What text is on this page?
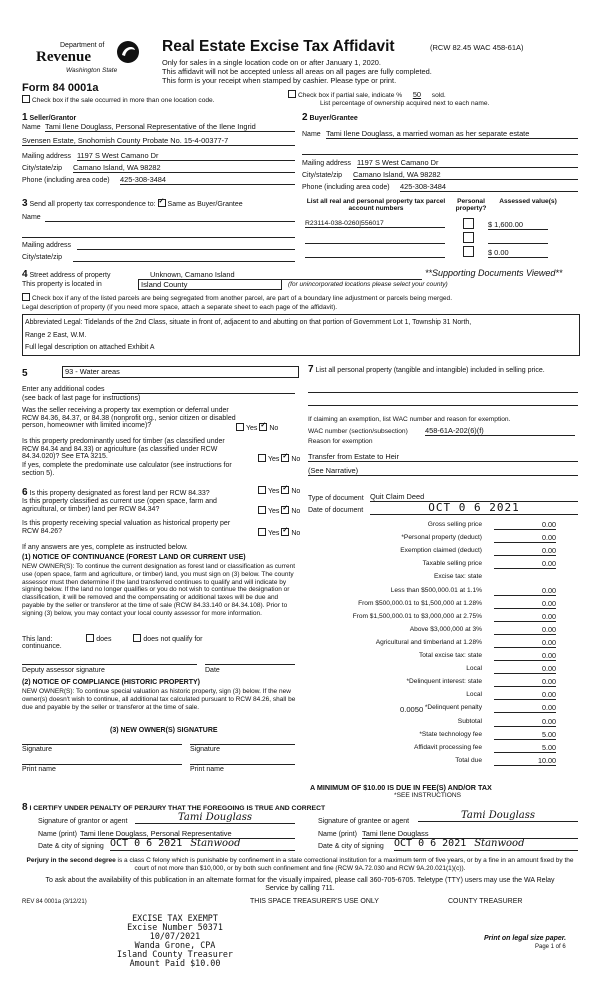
Department of
Revenue
Washington State
Form 84 0001a
Real Estate Excise Tax Affidavit	(RCW 82.45 WAC 458-61A)
Only for sales in a single location code on or after January 1, 2020.
This affidavit will not be accepted unless all areas on all pages are fully completed.
This form is your receipt when stamped by cashier. Please type or print.
Check box if the sale occurred in more than one location code.
Check box if partial sale, indicate % 50 sold.
List percentage of ownership acquired next to each name.
1 Seller/Grantor
Name Tami Ilene Douglass, Personal Representative of the Ilene Ingrid
Svensen Estate, Snohomish County Probate No. 15-4-00377-7
Mailing address 1197 S West Camano Dr
City/state/zip Camano Island, WA 98282
Phone (including area code) 425-308-3484
2 Buyer/Grantee
Name Tami Ilene Douglass, a married woman as her separate estate
Mailing address 1197 S West Camano Dr
City/state/zip Camano Island, WA 98282
Phone (including area code) 425-308-3484
3 Send all property tax correspondence to: ✓ Same as Buyer/Grantee
Name
Mailing address
City/state/zip
List all real and personal property tax parcel account numbers
Personal property?
Assessed value(s)
R23114-038-0260|556017	$ 1,600.00
$ 0.00
4 Street address of property	Unknown, Camano Island	**Supporting Documents Viewed**
This property is located in	Island County	(for unincorporated locations please select your county)
Check box if any of the listed parcels are being segregated from another parcel, are part of a boundary line adjustment or parcels being merged.
Legal description of property (if you need more space, attach a separate sheet to each page of the affidavit).
Abbreviated Legal: Tidelands of the 2nd Class, situate in front of, adjacent to and abutting on that portion of Government Lot 1, Township 31 North,
Range 2 East, W.M.
Full legal description on attached Exhibit A
5	93 - Water areas
Enter any additional codes
(see back of last page for instructions)
Was the seller receiving a property tax exemption or deferral under RCW 84.36, 84.37, or 84.38 (nonprofit org., senior citizen or disabled person, homeowner with limited income)?	Yes ✓ No
Is this property predominantly used for timber (as classified under RCW 84.34 and 84.33) or agriculture (as classified under RCW 84.34.020)? See ETA 3215.	Yes ✓ No
If yes, complete the predominate use calculator (see instructions for section 5).
6 Is this property designated as forest land per RCW 84.33?	Yes ✓ No
Is this property classified as current use (open space, farm and agricultural, or timber) land per RCW 84.34?	Yes ✓ No
Is this property receiving special valuation as historical property per RCW 84.26?	Yes ✓ No
If any answers are yes, complete as instructed below.
(1) NOTICE OF CONTINUANCE (FOREST LAND OR CURRENT USE)
NEW OWNER(S): To continue the current designation as forest land or classification as current use (open space, farm and agriculture, or timber) land, you must sign on (3) below. The county assessor must then determine if the land transferred continues to qualify and will indicate by signing below. If the land no longer qualifies or you do not wish to continue the designation or classification, it will be removed and the compensating or additional taxes will be due and payable by the seller or transferor at the time of sale (RCW 84.33.140 or 84.34.108). Prior to signing (3) below, you may contact your local county assessor for more information.
This land:	does	does not qualify for
continuance.
Deputy assessor signature	Date
(2) NOTICE OF COMPLIANCE (HISTORIC PROPERTY)
NEW OWNER(S): To continue special valuation as historic property, sign (3) below. If the new owner(s) doesn't wish to continue, all additional tax calculated pursuant to RCW 84.26, shall be due and payable by the seller or transferor at the time of sale.
(3) NEW OWNER(S) SIGNATURE
Signature	Signature
Print name	Print name
7 List all personal property (tangible and intangible) included in selling price.
If claiming an exemption, list WAC number and reason for exemption.
WAC number (section/subsection) 458-61A-202(6)(f)
Reason for exemption
Transfer from Estate to Heir
(See Narrative)
Type of document Quit Claim Deed
Date of document	OCT 0 6 2021
Gross selling price	0.00
*Personal property (deduct)	0.00
Exemption claimed (deduct)	0.00
Taxable selling price	0.00
Excise tax: state
Less than $500,000.01 at 1.1%	0.00
From $500,000.01 to $1,500,000 at 1.28%	0.00
From $1,500,000.01 to $3,000,000 at 2.75%	0.00
Above $3,000,000 at 3%	0.00
Agricultural and timberland at 1.28%	0.00
Total excise tax: state	0.00
Local	0.00
*Delinquent interest: state	0.00
Local	0.00
*Delinquent penalty	0.00
Subtotal	0.00
*State technology fee	5.00
Affidavit processing fee	5.00
Total due	10.00
0.0050
A MINIMUM OF $10.00 IS DUE IN FEE(S) AND/OR TAX
*SEE INSTRUCTIONS
8 I CERTIFY UNDER PENALTY OF PERJURY THAT THE FOREGOING IS TRUE AND CORRECT
Signature of grantor or agent	Tami Douglass
Name (print) Tami Ilene Douglass, Personal Representative
Date & city of signing OCT 0 6 2021 Stanwood
Signature of grantee or agent
Tami Douglass
Name (print) Tami Ilene Douglass
Date & city of signing OCT 0 6 2021 Stanwood
Perjury in the second degree is a class C felony which is punishable by confinement in a state correctional institution for a maximum term of five years, or by a fine in an amount fixed by the court of not more than $10,000, or by both such confinement and fine (RCW 9A.72.030 and RCW 9A.20.021(1)(c)).
To ask about the availability of this publication in an alternate format for the visually impaired, please call 360-705-6705. Teletype (TTY) users may use the WA Relay Service by calling 711.
REV 84 0001a (3/12/21)	THIS SPACE TREASURER'S USE ONLY	COUNTY TREASURER
EXCISE TAX EXEMPT
Excise Number 50371
10/07/2021
Wanda Grone, CPA
Island County Treasurer
Amount Paid $10.00
Print on legal size paper.
Page 1 of 6
